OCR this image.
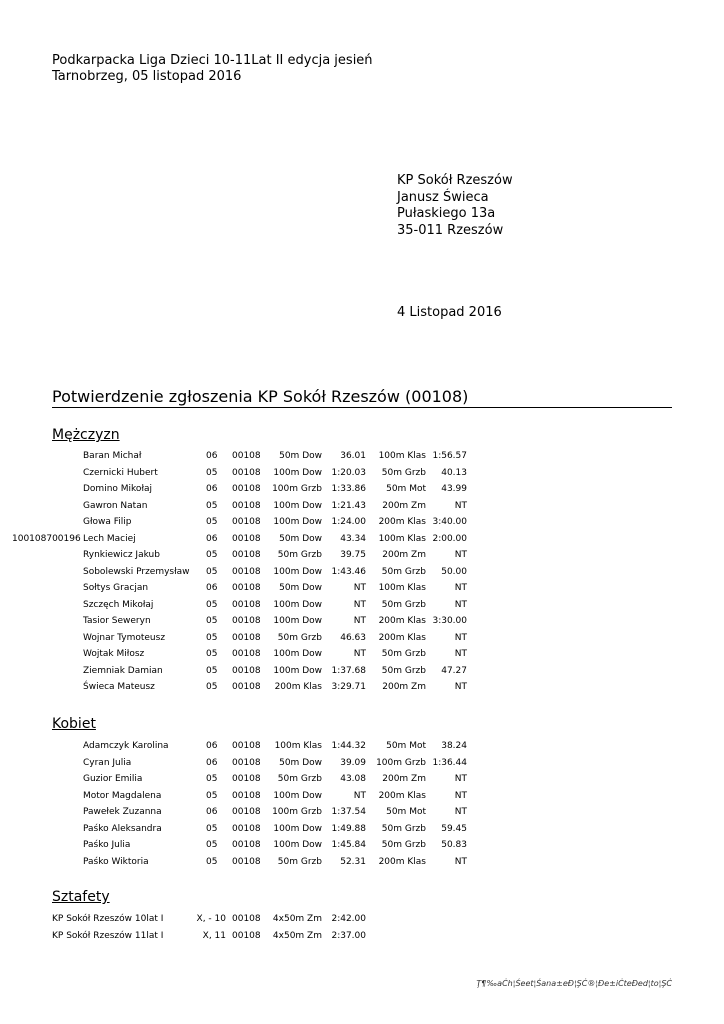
Podkarpacka Liga Dzieci 10-11Lat II edycja jesień
Tarnobrzeg, 05 listopad 2016
KP Sokół Rzeszów
Janusz Świeca
Pułaskiego 13a
35-011 Rzeszów
4 Listopad 2016
Potwierdzenie zgłoszenia KP Sokół Rzeszów (00108)
Mężczyzn
Baran Michał	06 00108 50m Dow 36.01 100m Klas 1:56.57
Czernicki Hubert	05 00108 100m Dow 1:20.03 50m Grzb 40.13
Domino Mikołaj	06 00108 100m Grzb 1:33.86 50m Mot 43.99
Gawron Natan	05 00108 100m Dow 1:21.43 200m Zm	NT
Głowa Filip	05 00108 100m Dow 1:24.00 200m Klas 3:40.00
100108700196 Lech Maciej	06 00108 50m Dow 43.34 100m Klas 2:00.00
Rynkiewicz Jakub	05 00108 50m Grzb 39.75 200m Zm	NT
Sobolewski Przemysław 05 00108 100m Dow 1:43.46 50m Grzb 50.00
Sołtys Gracjan	06 00108 50m Dow	NT 100m Klas	NT
Szczęch Mikołaj	05 00108 100m Dow	NT 50m Grzb	NT
Tasior Seweryn	05 00108 100m Dow	NT 200m Klas 3:30.00
Wojnar Tymoteusz	05 00108 50m Grzb 46.63 200m Klas	NT
Wojtak Miłosz	05 00108 100m Dow	NT 50m Grzb	NT
Ziemniak Damian	05 00108 100m Dow 1:37.68 50m Grzb 47.27
Świeca Mateusz	05 00108 200m Klas 3:29.71 200m Zm	NT
Kobiet
Adamczyk Karolina	06 00108 100m Klas 1:44.32 50m Mot 38.24
Cyran Julia	06 00108 50m Dow 39.09 100m Grzb 1:36.44
Guzior Emilia	05 00108 50m Grzb 43.08 200m Zm	NT
Motor Magdalena	05 00108 100m Dow	NT 200m Klas	NT
Pawełek Zuzanna	06 00108 100m Grzb 1:37.54 50m Mot	NT
Paśko Aleksandra	05 00108 100m Dow 1:49.88 50m Grzb 59.45
Paśko Julia	05 00108 100m Dow 1:45.84 50m Grzb 50.83
Paśko Wiktoria	05 00108 50m Grzb 52.31 200m Klas	NT
Sztafety
KP Sokół Rzeszów 10lat I	X, - 10 00108 4x50m Zm 2:42.00
KP Sokół Rzeszów 11lat I	X, 11 00108 4x50m Zm 2:37.00
Ţ¶‰aĊh¦Śeet¦Śana±eĐ¦ŞĊ®¦Đe±iĊteĐed¦to¦ŞĊ
